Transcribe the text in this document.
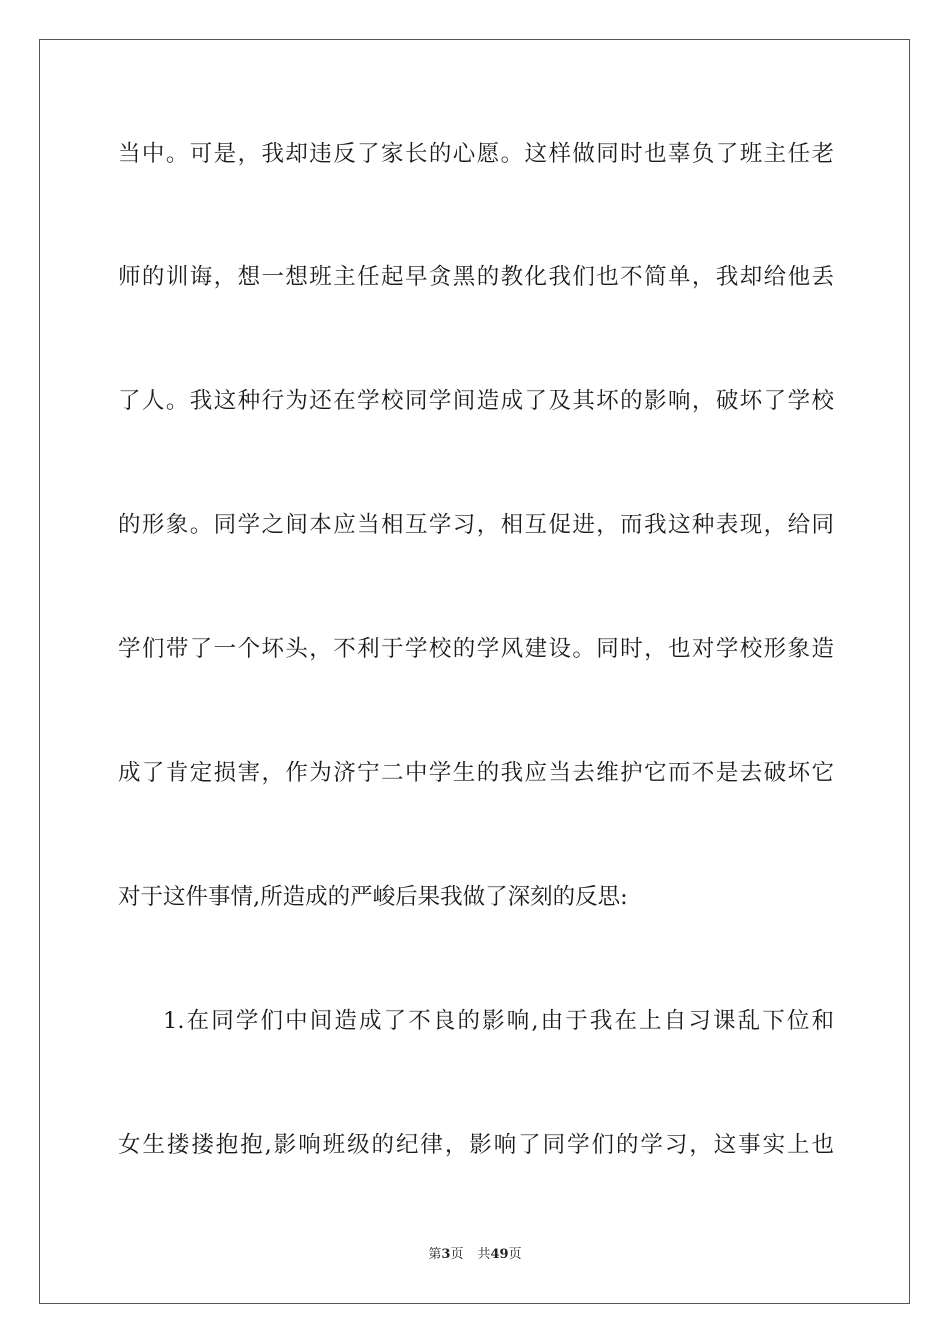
当中。可是，我却违反了家长的心愿。这样做同时也辜负了班主任老
师的训诲，想一想班主任起早贪黑的教化我们也不简单，我却给他丢
了人。我这种行为还在学校同学间造成了及其坏的影响，破坏了学校
的形象。同学之间本应当相互学习，相互促进，而我这种表现，给同
学们带了一个坏头，不利于学校的学风建设。同时，也对学校形象造
成了肯定损害，作为济宁二中学生的我应当去维护它而不是去破坏它
对于这件事情,所造成的严峻后果我做了深刻的反思:
1.在同学们中间造成了不良的影响,由于我在上自习课乱下位和
女生搂搂抱抱,影响班级的纪律，影响了同学们的学习，这事实上也
第3页 共49页
